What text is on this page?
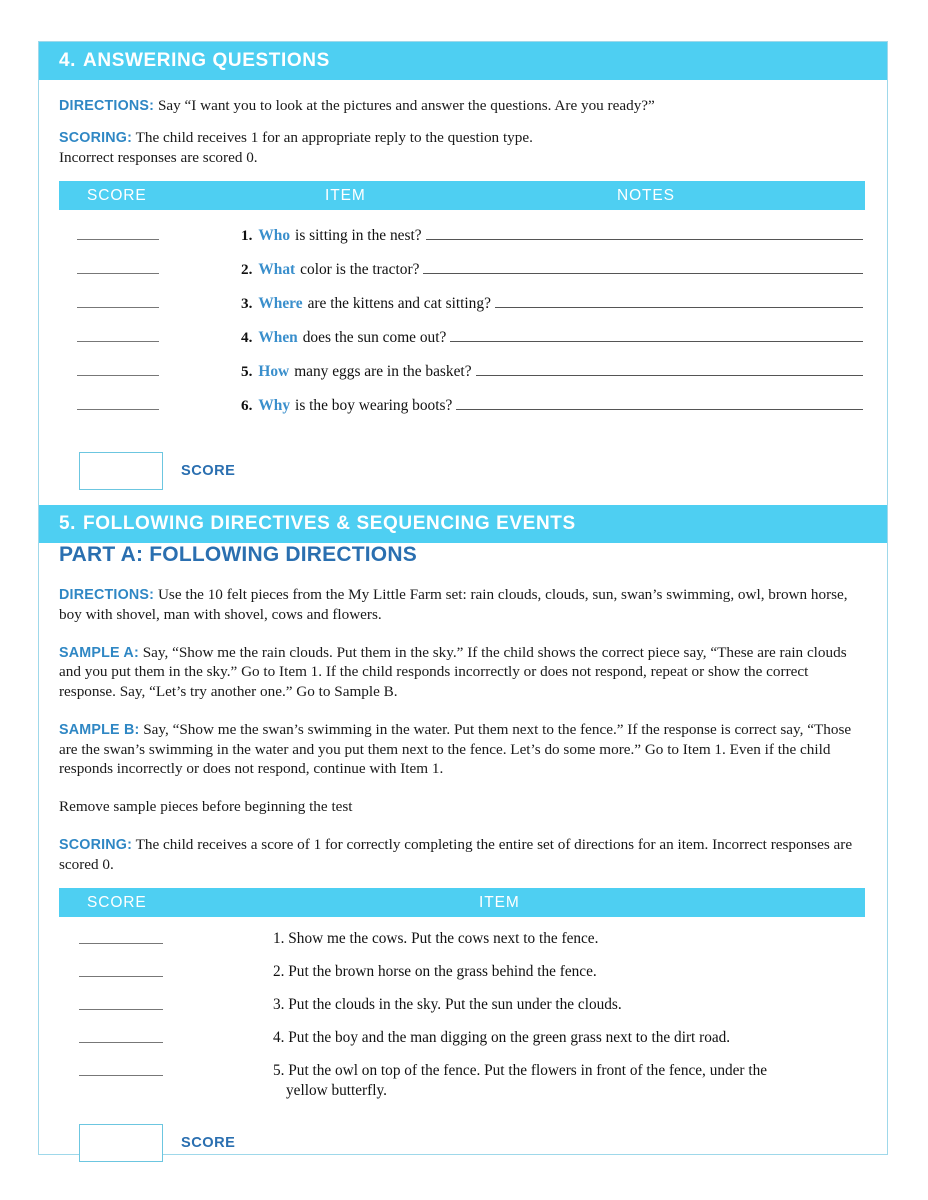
4. ANSWERING QUESTIONS

DIRECTIONS: Say “I want you to look at the pictures and answer the questions. Are you ready?”

SCORING: The child receives 1 for an appropriate reply to the question type.
Incorrect responses are scored 0.

SCORE	ITEM	NOTES
1. Who is sitting in the nest?
2. What color is the tractor?
3. Where are the kittens and cat sitting?
4. When does the sun come out?
5. How many eggs are in the basket?
6. Why is the boy wearing boots?
SCORE
5. FOLLOWING DIRECTIVES & SEQUENCING EVENTS

PART A: FOLLOWING DIRECTIONS

DIRECTIONS: Use the 10 felt pieces from the My Little Farm set: rain clouds, clouds, sun, swan’s swimming, owl, brown horse, boy with shovel, man with shovel, cows and flowers.

SAMPLE A: Say, “Show me the rain clouds. Put them in the sky.” If the child shows the correct piece say, “These are rain clouds and you put them in the sky.” Go to Item 1. If the child responds incorrectly or does not respond, repeat or show the correct response. Say, “Let’s try another one.” Go to Sample B.

SAMPLE B: Say, “Show me the swan’s swimming in the water. Put them next to the fence.” If the response is correct say, “Those are the swan’s swimming in the water and you put them next to the fence. Let’s do some more.” Go to Item 1. Even if the child responds incorrectly or does not respond, continue with Item 1.

Remove sample pieces before beginning the test

SCORING: The child receives a score of 1 for correctly completing the entire set of directions for an item. Incorrect responses are scored 0.

SCORE	ITEM
1. Show me the cows. Put the cows next to the fence.
2. Put the brown horse on the grass behind the fence.
3. Put the clouds in the sky. Put the sun under the clouds.
4. Put the boy and the man digging on the green grass next to the dirt road.
5. Put the owl on top of the fence. Put the flowers in front of the fence, under the
yellow butterfly.
SCORE
